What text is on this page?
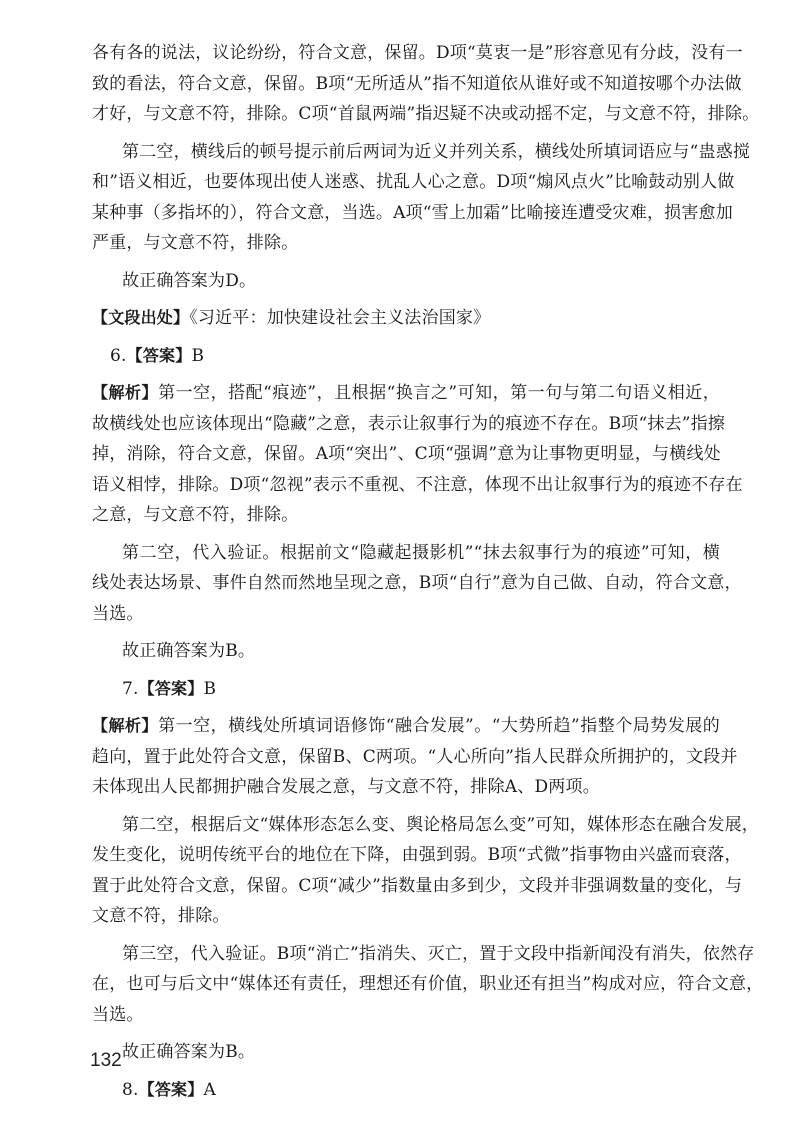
各有各的说法，议论纷纷，符合文意，保留。D项“莫衷一是”形容意见有分歧，没有一
致的看法，符合文意，保留。B项“无所适从”指不知道依从谁好或不知道按哪个办法做
才好，与文意不符，排除。C项“首鼠两端”指迟疑不决或动摇不定，与文意不符，排除。
第二空，横线后的顿号提示前后两词为近义并列关系，横线处所填词语应与“蛊惑搅
和”语义相近，也要体现出使人迷惑、扰乱人心之意。D项“煽风点火”比喻鼓动别人做
某种事（多指坏的），符合文意，当选。A项“雪上加霜”比喻接连遭受灾难，损害愈加
严重，与文意不符，排除。
故正确答案为D。
【文段出处】《习近平：加快建设社会主义法治国家》
6.【答案】B
【解析】第一空，搭配“痕迹”，且根据“换言之”可知，第一句与第二句语义相近，
故横线处也应该体现出“隐藏”之意，表示让叙事行为的痕迹不存在。B项“抹去”指擦
掉，消除，符合文意，保留。A项“突出”、C项“强调”意为让事物更明显，与横线处
语义相悖，排除。D项“忽视”表示不重视、不注意，体现不出让叙事行为的痕迹不存在
之意，与文意不符，排除。
第二空，代入验证。根据前文“隐藏起摄影机”“抹去叙事行为的痕迹”可知，横
线处表达场景、事件自然而然地呈现之意，B项“自行”意为自己做、自动，符合文意，
当选。
故正确答案为B。
7.【答案】B
【解析】第一空，横线处所填词语修饰“融合发展”。“大势所趋”指整个局势发展的
趋向，置于此处符合文意，保留B、C两项。“人心所向”指人民群众所拥护的，文段并
未体现出人民都拥护融合发展之意，与文意不符，排除A、D两项。
第二空，根据后文“媒体形态怎么变、舆论格局怎么变”可知，媒体形态在融合发展，
发生变化，说明传统平台的地位在下降，由强到弱。B项“式微”指事物由兴盛而衰落，
置于此处符合文意，保留。C项“减少”指数量由多到少，文段并非强调数量的变化，与
文意不符，排除。
第三空，代入验证。B项“消亡”指消失、灭亡，置于文段中指新闻没有消失，依然存
在，也可与后文中“媒体还有责任，理想还有价值，职业还有担当”构成对应，符合文意，
当选。
故正确答案为B。
8.【答案】A
132
